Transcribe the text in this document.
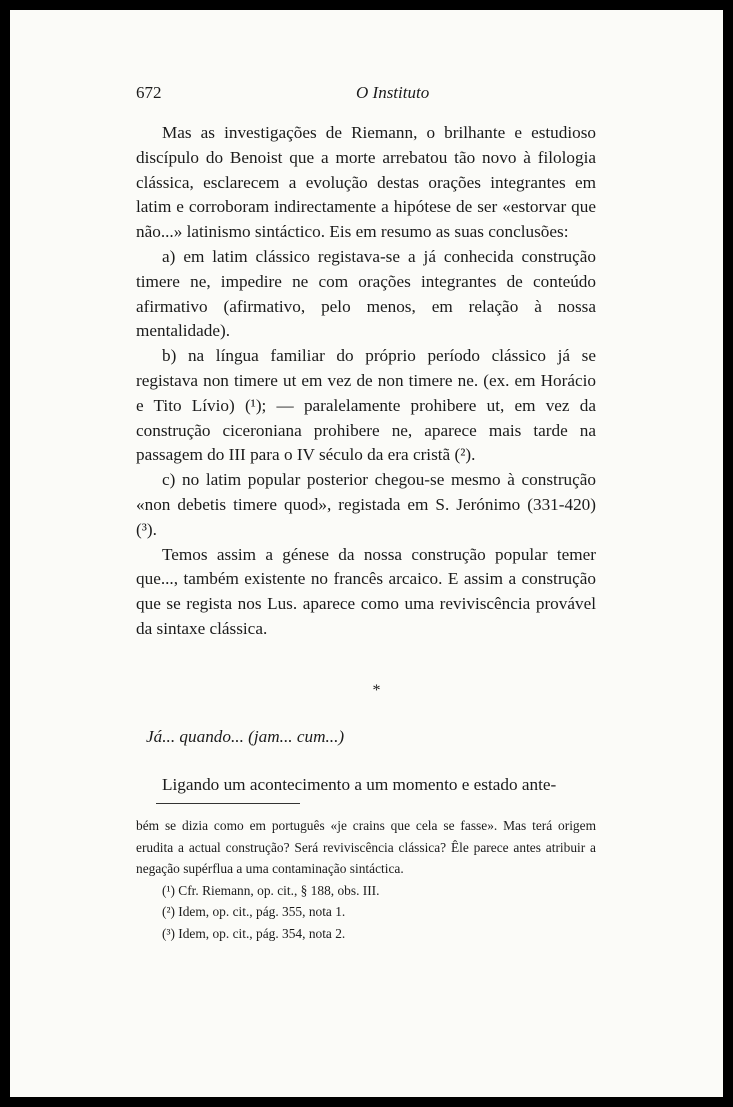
672	O Instituto

Mas as investigações de Riemann, o brilhante e estudioso discípulo do Benoist que a morte arrebatou tão novo à filologia clássica, esclarecem a evolução destas orações integrantes em latim e corroboram indirectamente a hipótese de ser «estorvar que não...» latinismo sintáctico. Eis em resumo as suas conclusões:

a) em latim clássico registava-se a já conhecida construção timere ne, impedire ne com orações integrantes de conteúdo afirmativo (afirmativo, pelo menos, em relação à nossa mentalidade).

b) na língua familiar do próprio período clássico já se registava non timere ut em vez de non timere ne. (ex. em Horácio e Tito Lívio) (¹); — paralelamente prohibere ut, em vez da construção ciceroniana prohibere ne, aparece mais tarde na passagem do III para o IV século da era cristã (²).

c) no latim popular posterior chegou-se mesmo à construção «non debetis timere quod», registada em S. Jerónimo (331-420) (³).

Temos assim a génese da nossa construção popular temer que..., também existente no francês arcaico. E assim a construção que se regista nos Lus. aparece como uma reviviscência provável da sintaxe clássica.

*
Já... quando... (jam... cum...)

Ligando um acontecimento a um momento e estado ante-

bém se dizia como em português «je crains que cela se fasse». Mas terá origem erudita a actual construção? Será reviviscência clássica? Êle parece antes atribuir a negação supérflua a uma contaminação sintáctica.
(¹) Cfr. Riemann, op. cit., § 188, obs. III.
(²) Idem, op. cit., pág. 355, nota 1.
(³) Idem, op. cit., pág. 354, nota 2.
